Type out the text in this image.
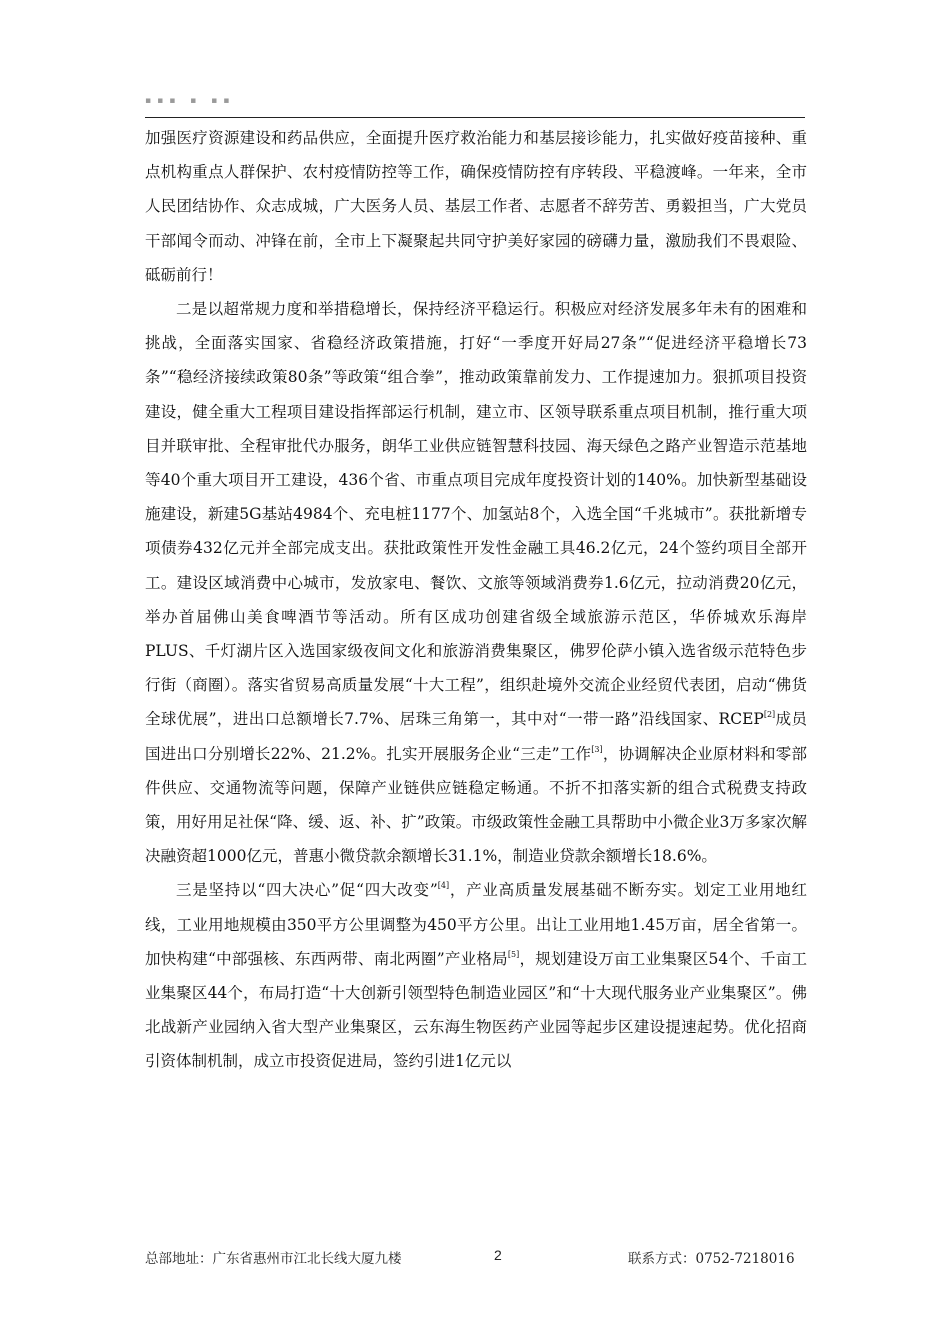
▪▪▪ ▪ ▪▪

加强医疗资源建设和药品供应，全面提升医疗救治能力和基层接诊能力，扎实做好疫苗接种、重点机构重点人群保护、农村疫情防控等工作，确保疫情防控有序转段、平稳渡峰。一年来，全市人民团结协作、众志成城，广大医务人员、基层工作者、志愿者不辞劳苦、勇毅担当，广大党员干部闻令而动、冲锋在前，全市上下凝聚起共同守护美好家园的磅礴力量，激励我们不畏艰险、砥砺前行！

二是以超常规力度和举措稳增长，保持经济平稳运行。积极应对经济发展多年未有的困难和挑战，全面落实国家、省稳经济政策措施，打好“一季度开好局27条”“促进经济平稳增长73条”“稳经济接续政策80条”等政策“组合拳”，推动政策靠前发力、工作提速加力。狠抓项目投资建设，健全重大工程项目建设指挥部运行机制，建立市、区领导联系重点项目机制，推行重大项目并联审批、全程审批代办服务，朗华工业供应链智慧科技园、海天绿色之路产业智造示范基地等40个重大项目开工建设，436个省、市重点项目完成年度投资计划的140%。加快新型基础设施建设，新建5G基站4984个、充电桩1177个、加氢站8个，入选全国“千兆城市”。获批新增专项债券432亿元并全部完成支出。获批政策性开发性金融工具46.2亿元，24个签约项目全部开工。建设区域消费中心城市，发放家电、餐饮、文旅等领域消费券1.6亿元，拉动消费20亿元，举办首届佛山美食啤酒节等活动。所有区成功创建省级全域旅游示范区，华侨城欢乐海岸PLUS、千灯湖片区入选国家级夜间文化和旅游消费集聚区，佛罗伦萨小镇入选省级示范特色步行街（商圈）。落实省贸易高质量发展“十大工程”，组织赴境外交流企业经贸代表团，启动“佛货全球优展”，进出口总额增长7.7%、居珠三角第一，其中对“一带一路”沿线国家、RCEP[2]成员国进出口分别增长22%、21.2%。扎实开展服务企业“三走”工作[3]，协调解决企业原材料和零部件供应、交通物流等问题，保障产业链供应链稳定畅通。不折不扣落实新的组合式税费支持政策，用好用足社保“降、缓、返、补、扩”政策。市级政策性金融工具帮助中小微企业3万多家次解决融资超1000亿元，普惠小微贷款余额增长31.1%，制造业贷款余额增长18.6%。

三是坚持以“四大决心”促“四大改变”[4]，产业高质量发展基础不断夯实。划定工业用地红线，工业用地规模由350平方公里调整为450平方公里。出让工业用地1.45万亩，居全省第一。加快构建“中部强核、东西两带、南北两圈”产业格局[5]，规划建设万亩工业集聚区54个、千亩工业集聚区44个，布局打造“十大创新引领型特色制造业园区”和“十大现代服务业产业集聚区”。佛北战新产业园纳入省大型产业集聚区，云东海生物医药产业园等起步区建设提速起势。优化招商引资体制机制，成立市投资促进局，签约引进1亿元以

总部地址：广东省惠州市江北长线大厦九楼	2	联系方式：0752-7218016
